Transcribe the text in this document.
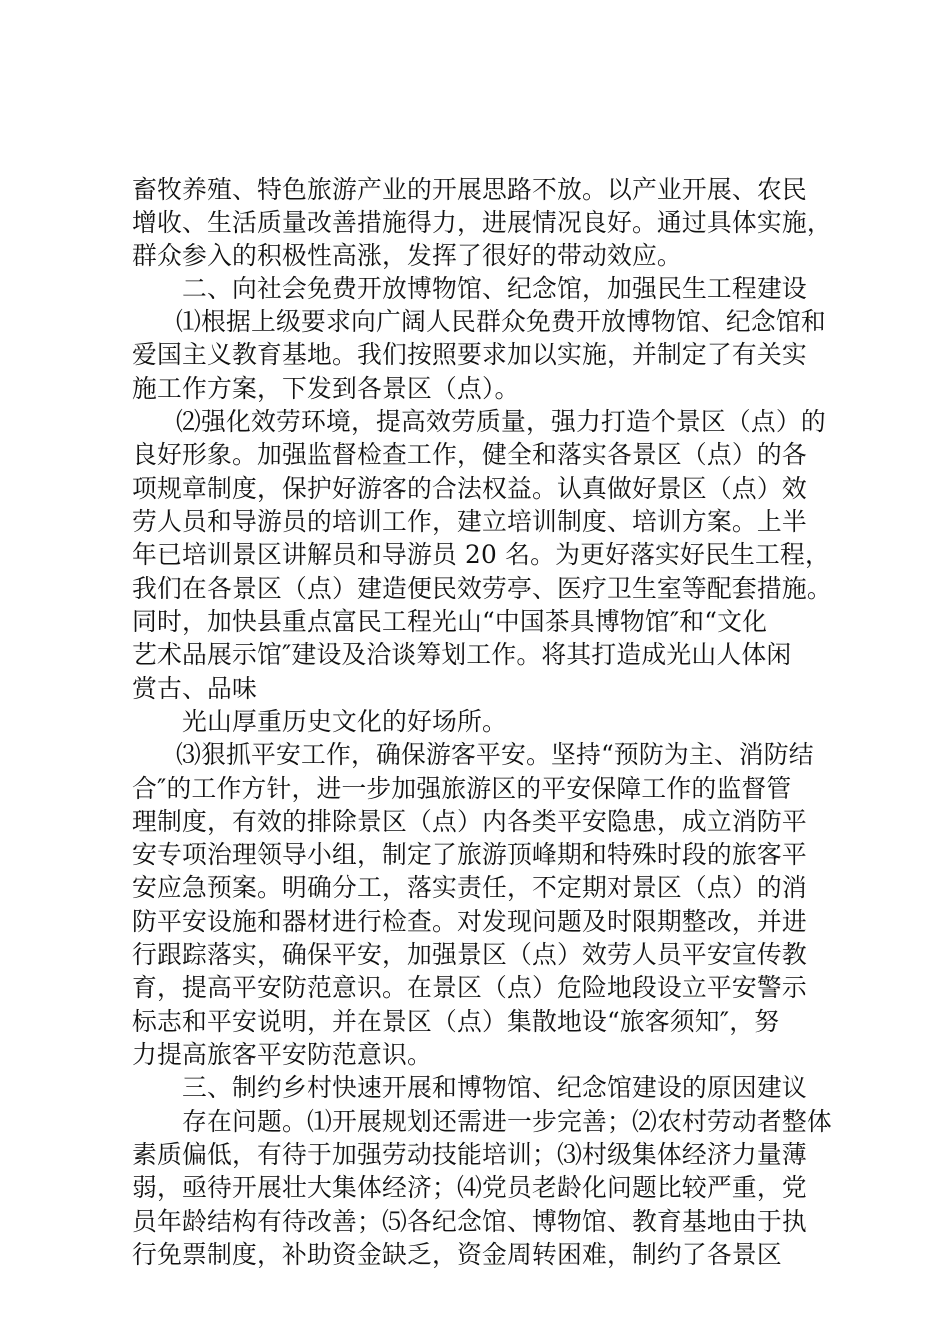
畜牧养殖、特色旅游产业的开展思路不放。以产业开展、农民
增收、生活质量改善措施得力，进展情况良好。通过具体实施，
群众参入的积极性高涨，发挥了很好的带动效应。
二、向社会免费开放博物馆、纪念馆，加强民生工程建设
⑴根据上级要求向广阔人民群众免费开放博物馆、纪念馆和
爱国主义教育基地。我们按照要求加以实施，并制定了有关实
施工作方案，下发到各景区（点）。
⑵强化效劳环境，提高效劳质量，强力打造个景区（点）的
良好形象。加强监督检查工作，健全和落实各景区（点）的各
项规章制度，保护好游客的合法权益。认真做好景区（点）效
劳人员和导游员的培训工作，建立培训制度、培训方案。上半
年已培训景区讲解员和导游员 20 名。为更好落实好民生工程，
我们在各景区（点）建造便民效劳亭、医疗卫生室等配套措施。
同时，加快县重点富民工程光山“中国茶具博物馆″和“文化
艺术品展示馆″建设及洽谈筹划工作。将其打造成光山人体闲
赏古、品味
光山厚重历史文化的好场所。
⑶狠抓平安工作，确保游客平安。坚持“预防为主、消防结
合″的工作方针，进一步加强旅游区的平安保障工作的监督管
理制度，有效的排除景区（点）内各类平安隐患，成立消防平
安专项治理领导小组，制定了旅游顶峰期和特殊时段的旅客平
安应急预案。明确分工，落实责任，不定期对景区（点）的消
防平安设施和器材进行检查。对发现问题及时限期整改，并进
行跟踪落实，确保平安，加强景区（点）效劳人员平安宣传教
育，提高平安防范意识。在景区（点）危险地段设立平安警示
标志和平安说明，并在景区（点）集散地设“旅客须知″，努
力提高旅客平安防范意识。
三、制约乡村快速开展和博物馆、纪念馆建设的原因建议
存在问题。⑴开展规划还需进一步完善；⑵农村劳动者整体
素质偏低，有待于加强劳动技能培训；⑶村级集体经济力量薄
弱，亟待开展壮大集体经济；⑷党员老龄化问题比较严重，党
员年龄结构有待改善；⑸各纪念馆、博物馆、教育基地由于执
行免票制度，补助资金缺乏，资金周转困难，制约了各景区
